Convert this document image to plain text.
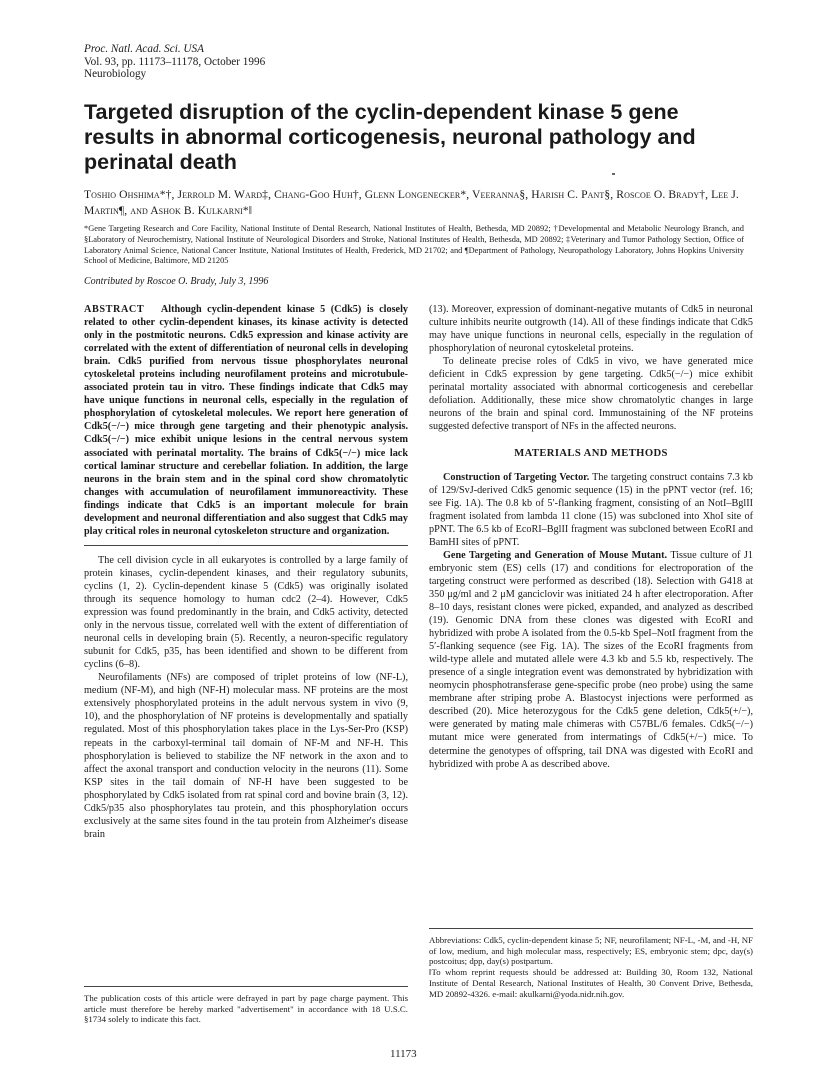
Proc. Natl. Acad. Sci. USA
Vol. 93, pp. 11173–11178, October 1996
Neurobiology
Targeted disruption of the cyclin-dependent kinase 5 gene results in abnormal corticogenesis, neuronal pathology and perinatal death

Toshio Ohshima*†, Jerrold M. Ward‡, Chang-Goo Huh†, Glenn Longenecker*, Veeranna§, Harish C. Pant§, Roscoe O. Brady†, Lee J. Martin¶, and Ashok B. Kulkarni*‖

*Gene Targeting Research and Core Facility, National Institute of Dental Research, National Institutes of Health, Bethesda, MD 20892; †Developmental and Metabolic Neurology Branch, and §Laboratory of Neurochemistry, National Institute of Neurological Disorders and Stroke, National Institutes of Health, Bethesda, MD 20892; ‡Veterinary and Tumor Pathology Section, Office of Laboratory Animal Science, National Cancer Institute, National Institutes of Health, Frederick, MD 21702; and ¶Department of Pathology, Neuropathology Laboratory, Johns Hopkins University School of Medicine, Baltimore, MD 21205

Contributed by Roscoe O. Brady, July 3, 1996

ABSTRACT Although cyclin-dependent kinase 5 (Cdk5) is closely related to other cyclin-dependent kinases, its kinase activity is detected only in the postmitotic neurons. Cdk5 expression and kinase activity are correlated with the extent of differentiation of neuronal cells in developing brain. Cdk5 purified from nervous tissue phosphorylates neuronal cytoskeletal proteins including neurofilament proteins and microtubule-associated protein tau in vitro. These findings indicate that Cdk5 may have unique functions in neuronal cells, especially in the regulation of phosphorylation of cytoskeletal molecules. We report here generation of Cdk5(−/−) mice through gene targeting and their phenotypic analysis. Cdk5(−/−) mice exhibit unique lesions in the central nervous system associated with perinatal mortality. The brains of Cdk5(−/−) mice lack cortical laminar structure and cerebellar foliation. In addition, the large neurons in the brain stem and in the spinal cord show chromatolytic changes with accumulation of neurofilament immunoreactivity. These findings indicate that Cdk5 is an important molecule for brain development and neuronal differentiation and also suggest that Cdk5 may play critical roles in neuronal cytoskeleton structure and organization.

The cell division cycle in all eukaryotes is controlled by a large family of protein kinases, cyclin-dependent kinases, and their regulatory subunits, cyclins (1, 2). Cyclin-dependent kinase 5 (Cdk5) was originally isolated through its sequence homology to human cdc2 (2–4). However, Cdk5 expression was found predominantly in the brain, and Cdk5 activity, detected only in the nervous tissue, correlated well with the extent of differentiation of neuronal cells in developing brain (5). Recently, a neuron-specific regulatory subunit for Cdk5, p35, has been identified and shown to be different from cyclins (6–8).

Neurofilaments (NFs) are composed of triplet proteins of low (NF-L), medium (NF-M), and high (NF-H) molecular mass. NF proteins are the most extensively phosphorylated proteins in the adult nervous system in vivo (9, 10), and the phosphorylation of NF proteins is developmentally and spatially regulated. Most of this phosphorylation takes place in the Lys-Ser-Pro (KSP) repeats in the carboxyl-terminal tail domain of NF-M and NF-H. This phosphorylation is believed to stabilize the NF network in the axon and to affect the axonal transport and conduction velocity in the neurons (11). Some KSP sites in the tail domain of NF-H have been suggested to be phosphorylated by Cdk5 isolated from rat spinal cord and bovine brain (3, 12). Cdk5/p35 also phosphorylates tau protein, and this phosphorylation occurs exclusively at the same sites found in the tau protein from Alzheimer's disease brain

(13). Moreover, expression of dominant-negative mutants of Cdk5 in neuronal culture inhibits neurite outgrowth (14). All of these findings indicate that Cdk5 may have unique functions in neuronal cells, especially in the regulation of phosphorylation of neuronal cytoskeletal proteins.

To delineate precise roles of Cdk5 in vivo, we have generated mice deficient in Cdk5 expression by gene targeting. Cdk5(−/−) mice exhibit perinatal mortality associated with abnormal corticogenesis and cerebellar defoliation. Additionally, these mice show chromatolytic changes in large neurons of the brain and spinal cord. Immunostaining of the NF proteins suggested defective transport of NFs in the affected neurons.

MATERIALS AND METHODS

Construction of Targeting Vector. The targeting construct contains 7.3 kb of 129/SvJ-derived Cdk5 genomic sequence (15) in the pPNT vector (ref. 16; see Fig. 1A). The 0.8 kb of 5′-flanking fragment, consisting of an NotI–BglII fragment isolated from lambda 11 clone (15) was subcloned into XhoI site of pPNT. The 6.5 kb of EcoRI–BglII fragment was subcloned between EcoRI and BamHI sites of pPNT.

Gene Targeting and Generation of Mouse Mutant. Tissue culture of J1 embryonic stem (ES) cells (17) and conditions for electroporation of the targeting construct were performed as described (18). Selection with G418 at 350 μg/ml and 2 μM ganciclovir was initiated 24 h after electroporation. After 8–10 days, resistant clones were picked, expanded, and analyzed as described (19). Genomic DNA from these clones was digested with EcoRI and hybridized with probe A isolated from the 0.5-kb SpeI–NotI fragment from the 5′-flanking sequence (see Fig. 1A). The sizes of the EcoRI fragments from wild-type allele and mutated allele were 4.3 kb and 5.5 kb, respectively. The presence of a single integration event was demonstrated by hybridization with neomycin phosphotransferase gene-specific probe (neo probe) using the same membrane after striping probe A. Blastocyst injections were performed as described (20). Mice heterozygous for the Cdk5 gene deletion, Cdk5(+/−), were generated by mating male chimeras with C57BL/6 females. Cdk5(−/−) mutant mice were generated from intermatings of Cdk5(+/−) mice. To determine the genotypes of offspring, tail DNA was digested with EcoRI and hybridized with probe A as described above.

The publication costs of this article were defrayed in part by page charge payment. This article must therefore be hereby marked "advertisement" in accordance with 18 U.S.C. §1734 solely to indicate this fact.

Abbreviations: Cdk5, cyclin-dependent kinase 5; NF, neurofilament; NF-L, -M, and -H, NF of low, medium, and high molecular mass, respectively; ES, embryonic stem; dpc, day(s) postcoitus; dpp, day(s) postpartum.

‖To whom reprint requests should be addressed at: Building 30, Room 132, National Institute of Dental Research, National Institutes of Health, 30 Convent Drive, Bethesda, MD 20892-4326. e-mail: akulkarni@yoda.nidr.nih.gov.

11173
